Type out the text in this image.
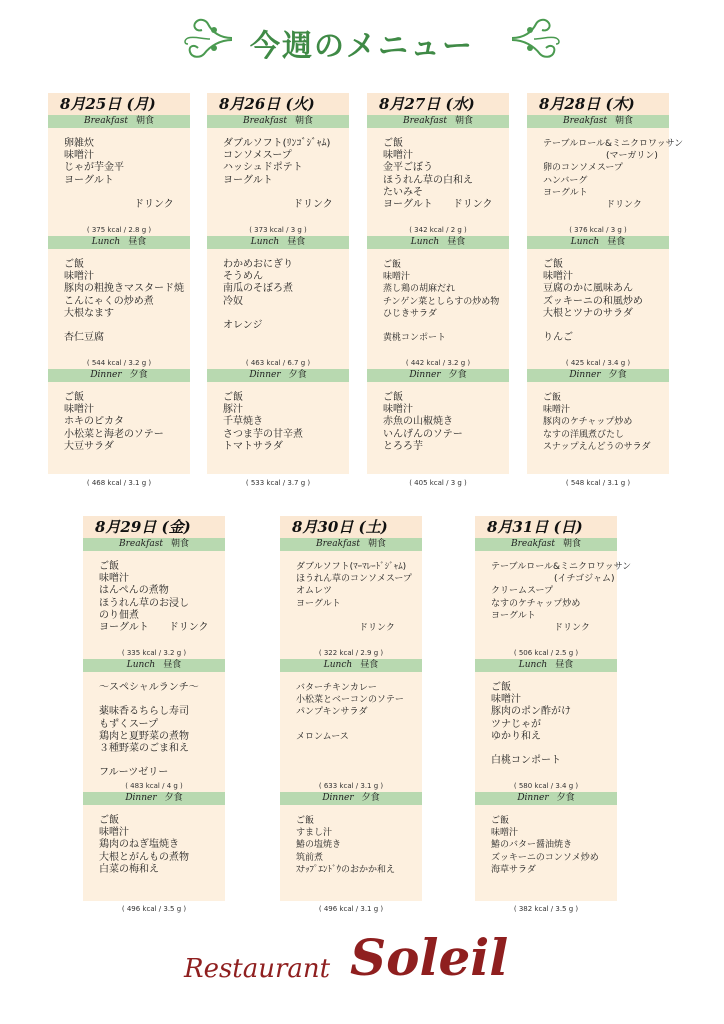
今週のメニュー
8月25日 (月)
Breakfast 朝食
卵雑炊
味噌汁
じゃが芋金平
ヨーグルト

　　　　　　　ドリンク
( 375 kcal / 2.8 g )
Lunch 昼食
ご飯
味噌汁
豚肉の粗挽きマスタード焼
こんにゃくの炒め煮
大根なます

杏仁豆腐
( 544 kcal / 3.2 g )
Dinner 夕食
ご飯
味噌汁
ホキのピカタ
小松菜と海老のソテー
大豆サラダ
( 468 kcal / 3.1 g )
8月26日 (火)
Breakfast 朝食
ダブルソフト(ﾘﾝｺﾞｼﾞｬﾑ)
コンソメスープ
ハッシュドポテト
ヨーグルト

　　　　　　　ドリンク
( 373 kcal / 3 g )
Lunch 昼食
わかめおにぎり
そうめん
南瓜のそぼろ煮
冷奴

オレンジ
( 463 kcal / 6.7 g )
Dinner 夕食
ご飯
豚汁
千草焼き
さつま芋の甘辛煮
トマトサラダ
( 533 kcal / 3.7 g )
8月27日 (水)
Breakfast 朝食
ご飯
味噌汁
金平ごぼう
ほうれん草の白和え
たいみそ
ヨーグルト　　ドリンク
( 342 kcal / 2 g )
Lunch 昼食
ご飯
味噌汁
蒸し鶏の胡麻だれ
チンゲン菜としらすの炒め物
ひじきサラダ

黄桃コンポート
( 442 kcal / 3.2 g )
Dinner 夕食
ご飯
味噌汁
赤魚の山椒焼き
いんげんのソテー
とろろ芋
( 405 kcal / 3 g )
8月28日 (木)
Breakfast 朝食
テーブルロール&ミニクロワッサン
　　　　　　　(マーガリン)
卵のコンソメスープ
ハンバーグ
ヨーグルト
　　　　　　　ドリンク
( 376 kcal / 3 g )
Lunch 昼食
ご飯
味噌汁
豆腐のかに風味あん
ズッキーニの和風炒め
大根とツナのサラダ

りんご
( 425 kcal / 3.4 g )
Dinner 夕食
ご飯
味噌汁
豚肉のケチャップ炒め
なすの洋風煮びたし
スナップえんどうのサラダ
( 548 kcal / 3.1 g )
8月29日 (金)
Breakfast 朝食
ご飯
味噌汁
はんぺんの煮物
ほうれん草のお浸し
のり佃煮
ヨーグルト　　ドリンク
( 335 kcal / 3.2 g )
Lunch 昼食
～スペシャルランチ～

薬味香るちらし寿司
もずくスープ
鶏肉と夏野菜の煮物
３種野菜のごま和え

フルーツゼリー
( 483 kcal / 4 g )
Dinner 夕食
ご飯
味噌汁
鶏肉のねぎ塩焼き
大根とがんもの煮物
白菜の梅和え
( 496 kcal / 3.5 g )
8月30日 (土)
Breakfast 朝食
ダブルソフト(ﾏｰﾏﾚｰﾄﾞｼﾞｬﾑ)
ほうれん草のコンソメスープ
オムレツ
ヨーグルト

　　　　　　　ドリンク
( 322 kcal / 2.9 g )
Lunch 昼食
バターチキンカレー
小松菜とベーコンのソテー
パンプキンサラダ

メロンムース
( 633 kcal / 3.1 g )
Dinner 夕食
ご飯
すまし汁
鰆の塩焼き
筑前煮
ｽﾅｯﾌﾟｴﾝﾄﾞｳのおかか和え
( 496 kcal / 3.1 g )
8月31日 (日)
Breakfast 朝食
テーブルロール&ミニクロワッサン
　　　　　　　(イチゴジャム)
クリームスープ
なすのケチャップ炒め
ヨーグルト
　　　　　　　ドリンク
( 506 kcal / 2.5 g )
Lunch 昼食
ご飯
味噌汁
豚肉のポン酢がけ
ツナじゃが
ゆかり和え

白桃コンポート
( 580 kcal / 3.4 g )
Dinner 夕食
ご飯
味噌汁
鰆のバター醤油焼き
ズッキーニのコンソメ炒め
海草サラダ
( 382 kcal / 3.5 g )
Restaurant Soleil
